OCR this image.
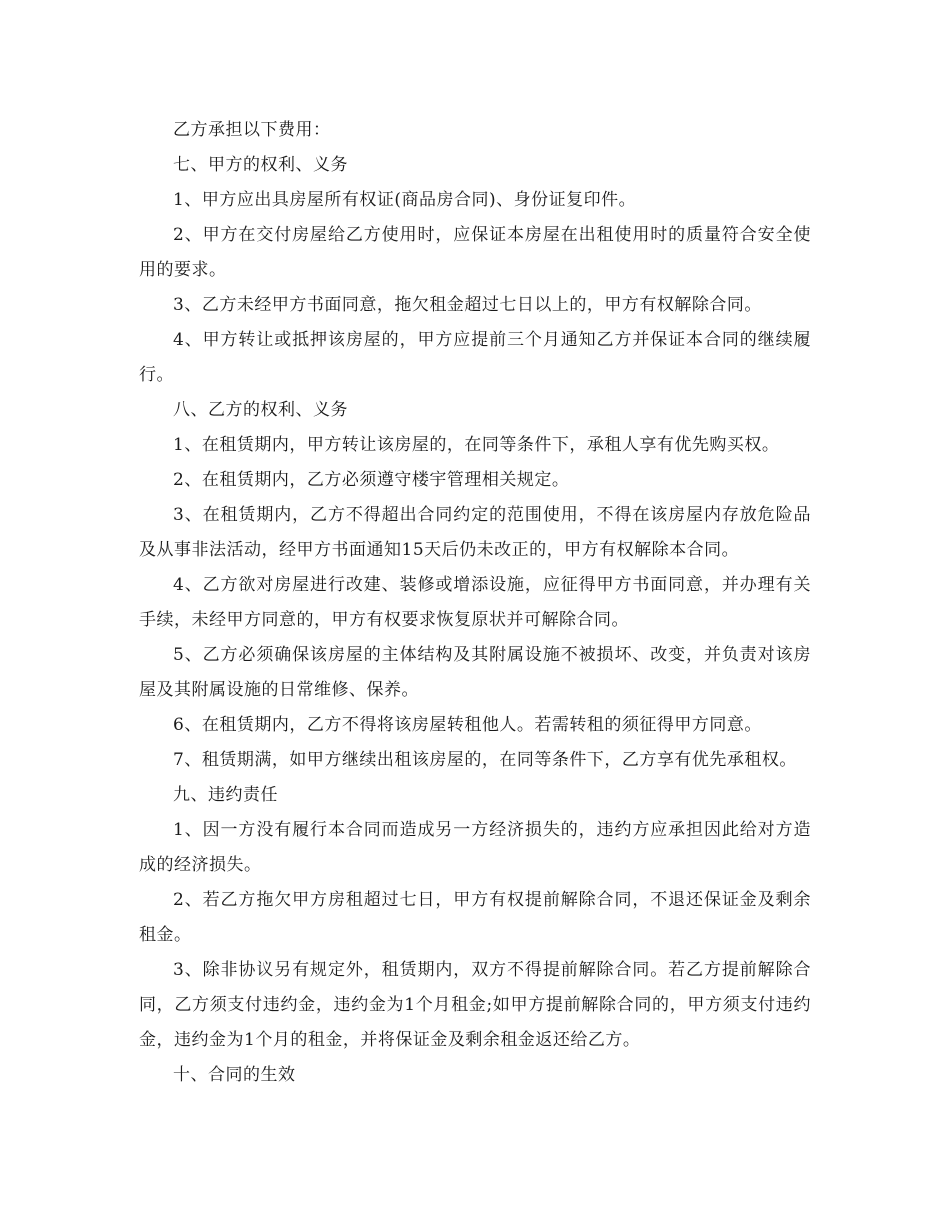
乙方承担以下费用：

七、甲方的权利、义务

1、甲方应出具房屋所有权证(商品房合同)、身份证复印件。

2、甲方在交付房屋给乙方使用时，应保证本房屋在出租使用时的质量符合安全使用的要求。

3、乙方未经甲方书面同意，拖欠租金超过七日以上的，甲方有权解除合同。

4、甲方转让或抵押该房屋的，甲方应提前三个月通知乙方并保证本合同的继续履行。

八、乙方的权利、义务

1、在租赁期内，甲方转让该房屋的，在同等条件下，承租人享有优先购买权。

2、在租赁期内，乙方必须遵守楼宇管理相关规定。

3、在租赁期内，乙方不得超出合同约定的范围使用，不得在该房屋内存放危险品及从事非法活动，经甲方书面通知15天后仍未改正的，甲方有权解除本合同。

4、乙方欲对房屋进行改建、装修或增添设施，应征得甲方书面同意，并办理有关手续，未经甲方同意的，甲方有权要求恢复原状并可解除合同。

5、乙方必须确保该房屋的主体结构及其附属设施不被损坏、改变，并负责对该房屋及其附属设施的日常维修、保养。

6、在租赁期内，乙方不得将该房屋转租他人。若需转租的须征得甲方同意。

7、租赁期满，如甲方继续出租该房屋的，在同等条件下，乙方享有优先承租权。

九、违约责任

1、因一方没有履行本合同而造成另一方经济损失的，违约方应承担因此给对方造成的经济损失。

2、若乙方拖欠甲方房租超过七日，甲方有权提前解除合同，不退还保证金及剩余租金。

3、除非协议另有规定外，租赁期内，双方不得提前解除合同。若乙方提前解除合同，乙方须支付违约金，违约金为1个月租金;如甲方提前解除合同的，甲方须支付违约金，违约金为1个月的租金，并将保证金及剩余租金返还给乙方。

十、合同的生效
